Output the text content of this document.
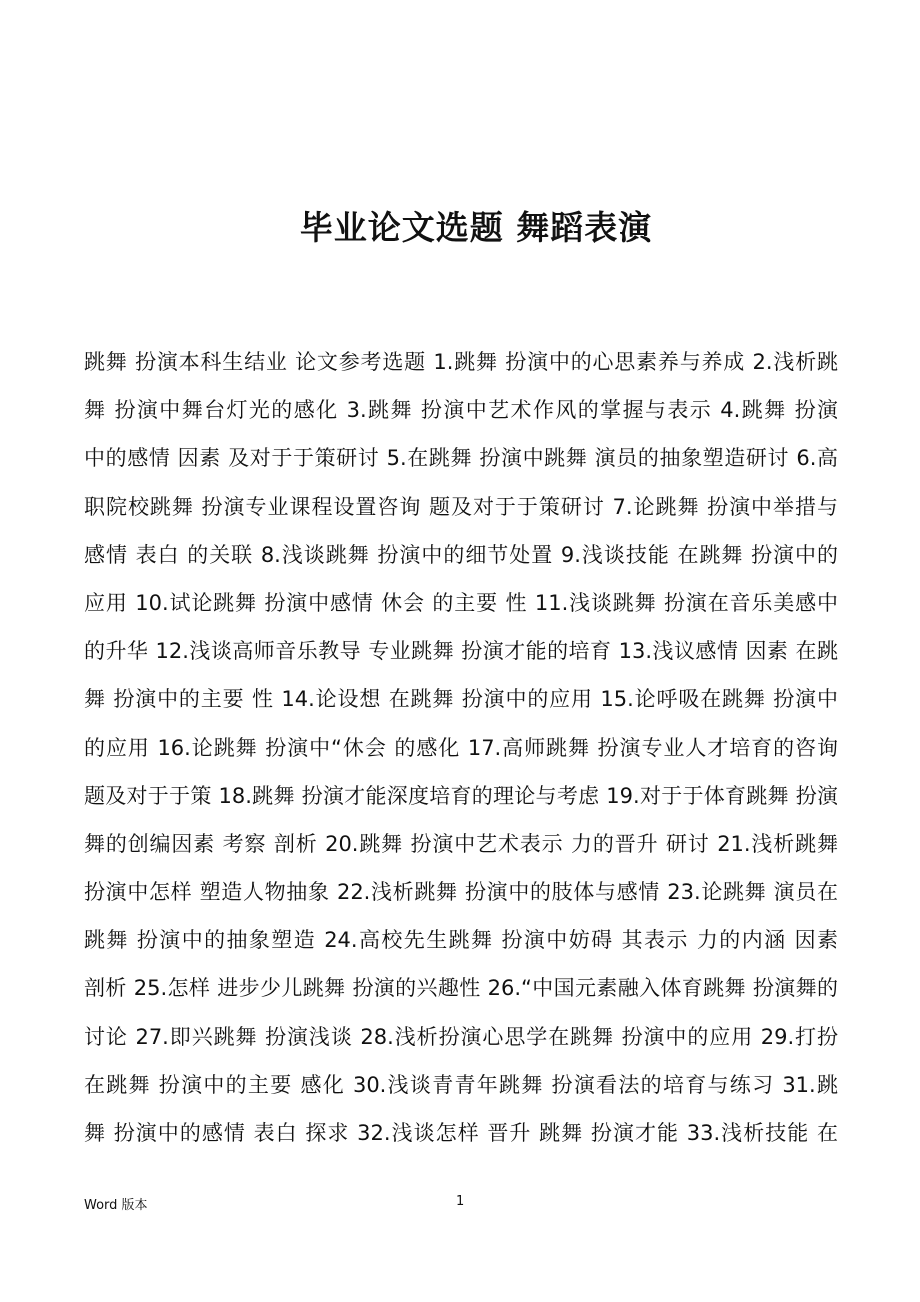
毕业论文选题 舞蹈表演
跳舞 扮演本科生结业 论文参考选题 1.跳舞 扮演中的心思素养与养成 2.浅析跳
舞 扮演中舞台灯光的感化 3.跳舞 扮演中艺术作风的掌握与表示 4.跳舞 扮演
中的感情 因素 及对于于策研讨 5.在跳舞 扮演中跳舞 演员的抽象塑造研讨 6.高
职院校跳舞 扮演专业课程设置咨询 题及对于于策研讨 7.论跳舞 扮演中举措与
感情 表白 的关联 8.浅谈跳舞 扮演中的细节处置 9.浅谈技能 在跳舞 扮演中的
应用 10.试论跳舞 扮演中感情 休会 的主要 性 11.浅谈跳舞 扮演在音乐美感中
的升华 12.浅谈高师音乐教导 专业跳舞 扮演才能的培育 13.浅议感情 因素 在跳
舞 扮演中的主要 性 14.论设想 在跳舞 扮演中的应用 15.论呼吸在跳舞 扮演中
的应用 16.论跳舞 扮演中“休会 的感化 17.高师跳舞 扮演专业人才培育的咨询
题及对于于策 18.跳舞 扮演才能深度培育的理论与考虑 19.对于于体育跳舞 扮演
舞的创编因素 考察 剖析 20.跳舞 扮演中艺术表示 力的晋升 研讨 21.浅析跳舞
扮演中怎样 塑造人物抽象 22.浅析跳舞 扮演中的肢体与感情 23.论跳舞 演员在
跳舞 扮演中的抽象塑造 24.高校先生跳舞 扮演中妨碍 其表示 力的内涵 因素
剖析 25.怎样 进步少儿跳舞 扮演的兴趣性 26.“中国元素融入体育跳舞 扮演舞的
讨论 27.即兴跳舞 扮演浅谈 28.浅析扮演心思学在跳舞 扮演中的应用 29.打扮
在跳舞 扮演中的主要 感化 30.浅谈青青年跳舞 扮演看法的培育与练习 31.跳
舞 扮演中的感情 表白 探求 32.浅谈怎样 晋升 跳舞 扮演才能 33.浅析技能 在
Word 版本	1
